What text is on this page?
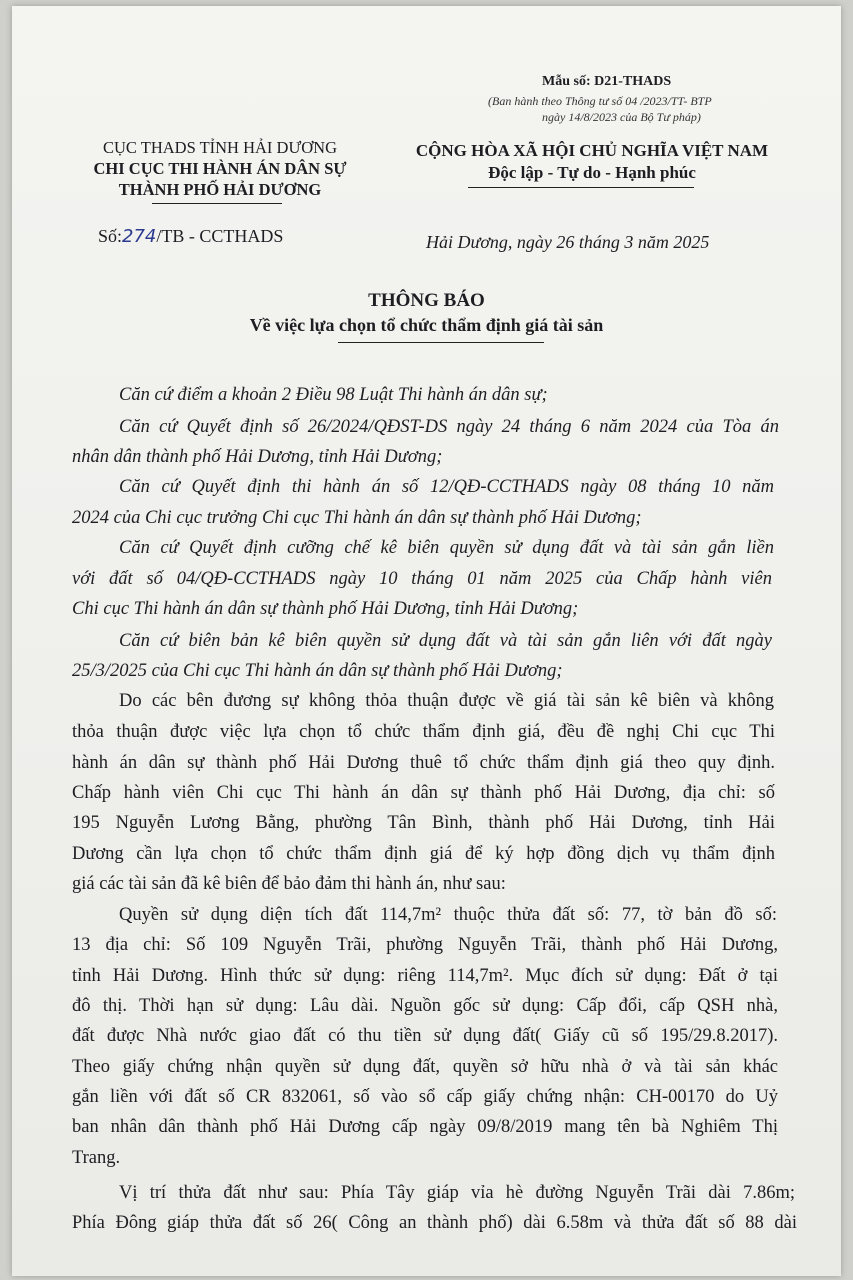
Mẫu số: D21-THADS
(Ban hành theo Thông tư số 04 /2023/TT- BTP
ngày 14/8/2023 của Bộ Tư pháp)
CỤC THADS TỈNH HẢI DƯƠNG
CHI CỤC THI HÀNH ÁN DÂN SỰ
THÀNH PHỐ HẢI DƯƠNG
CỘNG HÒA XÃ HỘI CHỦ NGHĨA VIỆT NAM
Độc lập - Tự do - Hạnh phúc
Số:274/TB - CCTHADS	Hải Dương, ngày 26 tháng 3 năm 2025
THÔNG BÁO
Về việc lựa chọn tổ chức thẩm định giá tài sản
Căn cứ điểm a khoản 2 Điều 98 Luật Thi hành án dân sự;
Căn cứ Quyết định số 26/2024/QĐST-DS ngày 24 tháng 6 năm 2024 của Tòa án
nhân dân thành phố Hải Dương, tỉnh Hải Dương;
Căn cứ Quyết định thi hành án số 12/QĐ-CCTHADS ngày 08 tháng 10 năm
2024 của Chi cục trưởng Chi cục Thi hành án dân sự thành phố Hải Dương;
Căn cứ Quyết định cưỡng chế kê biên quyền sử dụng đất và tài sản gắn liền
với đất số 04/QĐ-CCTHADS ngày 10 tháng 01 năm 2025 của Chấp hành viên
Chi cục Thi hành án dân sự thành phố Hải Dương, tỉnh Hải Dương;
Căn cứ biên bản kê biên quyền sử dụng đất và tài sản gắn liên với đất ngày
25/3/2025 của Chi cục Thi hành án dân sự thành phố Hải Dương;
Do các bên đương sự không thỏa thuận được về giá tài sản kê biên và không
thỏa thuận được việc lựa chọn tổ chức thẩm định giá, đều đề nghị Chi cục Thi
hành án dân sự thành phố Hải Dương thuê tổ chức thẩm định giá theo quy định.
Chấp hành viên Chi cục Thi hành án dân sự thành phố Hải Dương, địa chỉ: số
195 Nguyễn Lương Bằng, phường Tân Bình, thành phố Hải Dương, tỉnh Hải
Dương cần lựa chọn tổ chức thẩm định giá để ký hợp đồng dịch vụ thẩm định
giá các tài sản đã kê biên để bảo đảm thi hành án, như sau:
Quyền sử dụng diện tích đất 114,7m² thuộc thửa đất số: 77, tờ bản đồ số:
13 địa chỉ: Số 109 Nguyễn Trãi, phường Nguyễn Trãi, thành phố Hải Dương,
tỉnh Hải Dương. Hình thức sử dụng: riêng 114,7m². Mục đích sử dụng: Đất ở tại
đô thị. Thời hạn sử dụng: Lâu dài. Nguồn gốc sử dụng: Cấp đổi, cấp QSH nhà,
đất được Nhà nước giao đất có thu tiền sử dụng đất( Giấy cũ số 195/29.8.2017).
Theo giấy chứng nhận quyền sử dụng đất, quyền sở hữu nhà ở và tài sản khác
gắn liền với đất số CR 832061, số vào sổ cấp giấy chứng nhận: CH-00170 do Uỷ
ban nhân dân thành phố Hải Dương cấp ngày 09/8/2019 mang tên bà Nghiêm Thị
Trang.
Vị trí thửa đất như sau: Phía Tây giáp vỉa hè đường Nguyễn Trãi dài 7.86m;
Phía Đông giáp thửa đất số 26( Công an thành phố) dài 6.58m và thửa đất số 88 dài
